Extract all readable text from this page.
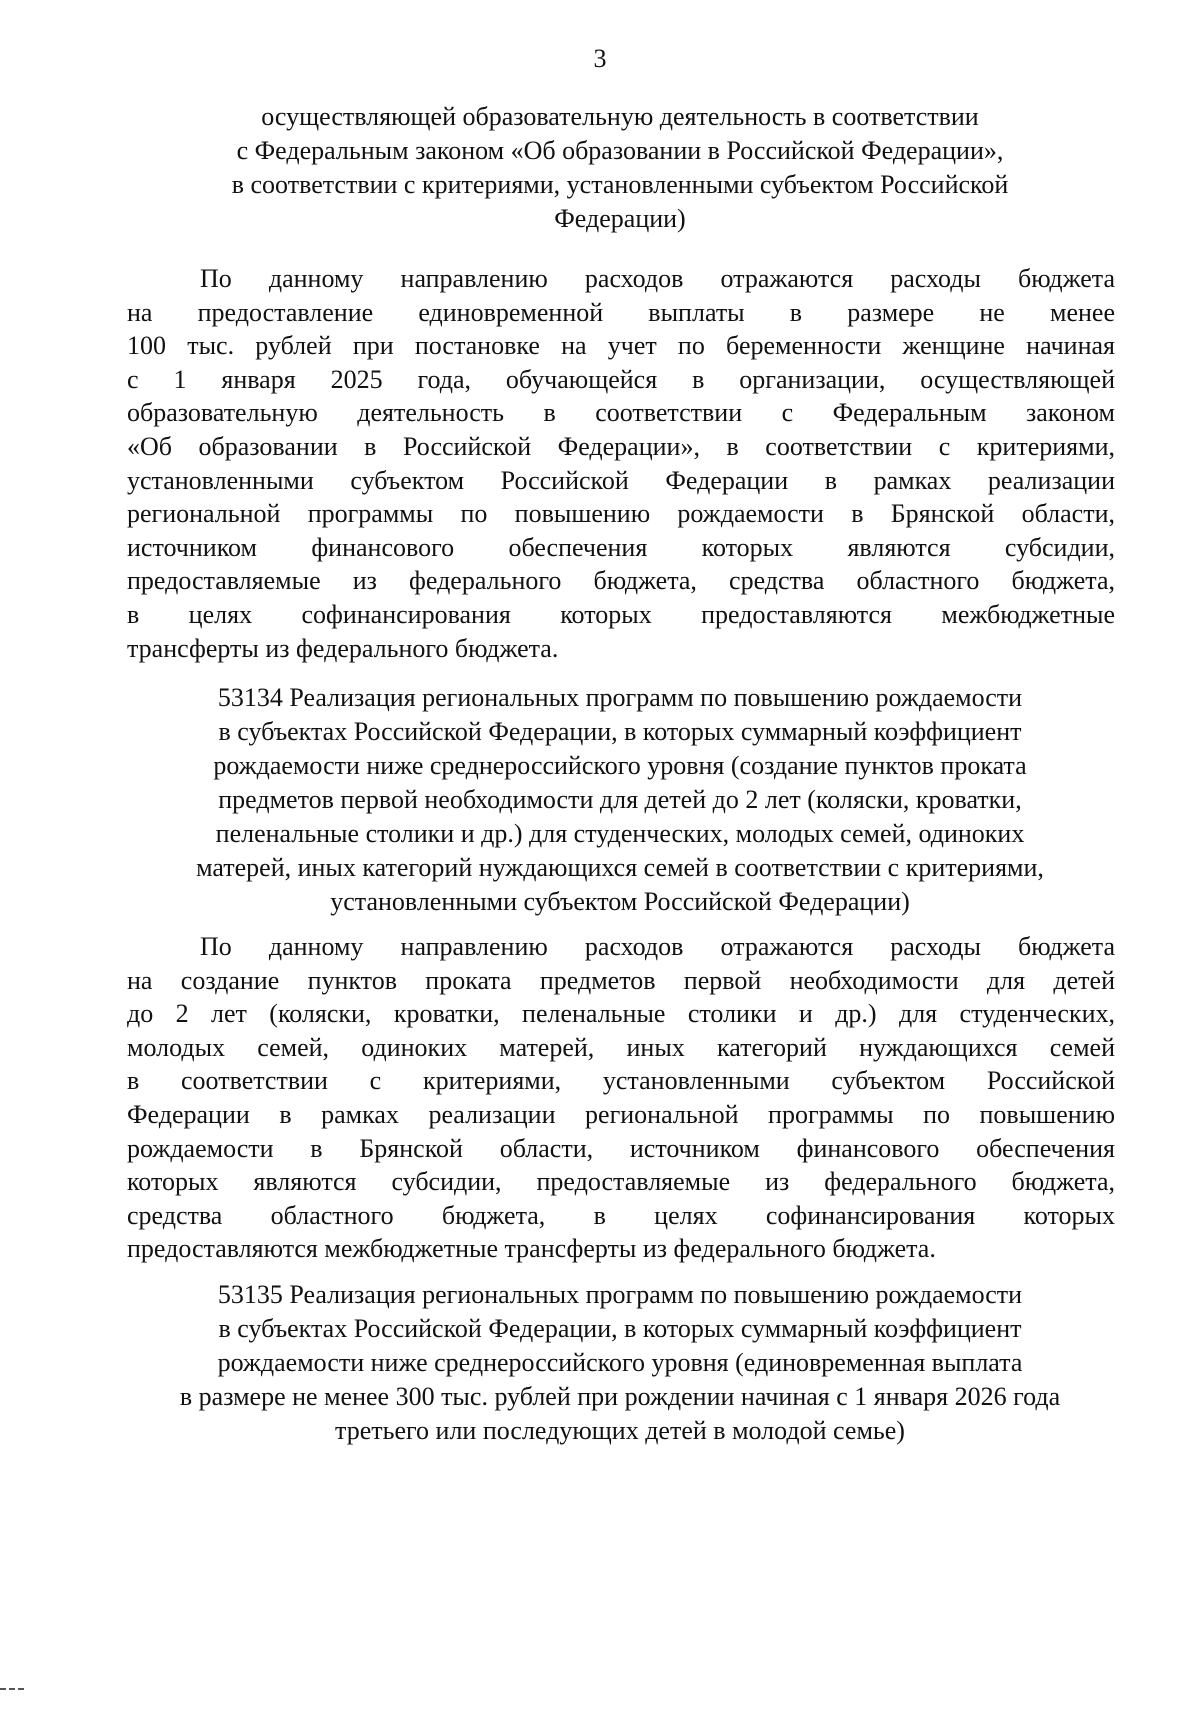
3
осуществляющей образовательную деятельность в соответствии
с Федеральным законом «Об образовании в Российской Федерации»,
в соответствии с критериями, установленными субъектом Российской
Федерации)
По данному направлению расходов отражаются расходы бюджета
на предоставление единовременной выплаты в размере не менее
100 тыс. рублей при постановке на учет по беременности женщине начиная
с 1 января 2025 года, обучающейся в организации, осуществляющей
образовательную деятельность в соответствии с Федеральным законом
«Об образовании в Российской Федерации», в соответствии с критериями,
установленными субъектом Российской Федерации в рамках реализации
региональной программы по повышению рождаемости в Брянской области,
источником финансового обеспечения которых являются субсидии,
предоставляемые из федерального бюджета, средства областного бюджета,
в целях софинансирования которых предоставляются межбюджетные
трансферты из федерального бюджета.
53134 Реализация региональных программ по повышению рождаемости
в субъектах Российской Федерации, в которых суммарный коэффициент
рождаемости ниже среднероссийского уровня (создание пунктов проката
предметов первой необходимости для детей до 2 лет (коляски, кроватки,
пеленальные столики и др.) для студенческих, молодых семей, одиноких
матерей, иных категорий нуждающихся семей в соответствии с критериями,
установленными субъектом Российской Федерации)
По данному направлению расходов отражаются расходы бюджета
на создание пунктов проката предметов первой необходимости для детей
до 2 лет (коляски, кроватки, пеленальные столики и др.) для студенческих,
молодых семей, одиноких матерей, иных категорий нуждающихся семей
в соответствии с критериями, установленными субъектом Российской
Федерации в рамках реализации региональной программы по повышению
рождаемости в Брянской области, источником финансового обеспечения
которых являются субсидии, предоставляемые из федерального бюджета,
средства областного бюджета, в целях софинансирования которых
предоставляются межбюджетные трансферты из федерального бюджета.
53135 Реализация региональных программ по повышению рождаемости
в субъектах Российской Федерации, в которых суммарный коэффициент
рождаемости ниже среднероссийского уровня (единовременная выплата
в размере не менее 300 тыс. рублей при рождении начиная с 1 января 2026 года
третьего или последующих детей в молодой семье)
